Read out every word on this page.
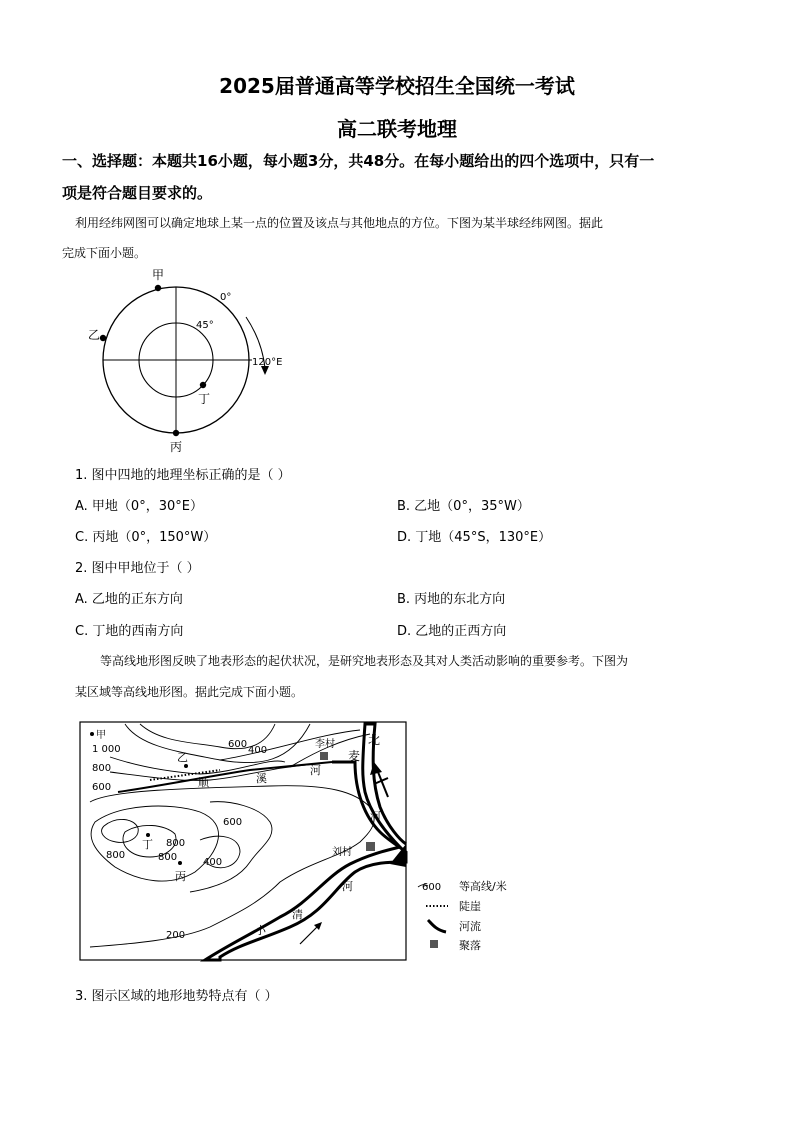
2025届普通高等学校招生全国统一考试
高二联考地理
一、选择题：本题共16小题，每小题3分，共48分。在每小题给出的四个选项中，只有一
项是符合题目要求的。
利用经纬网图可以确定地球上某一点的位置及该点与其他地点的方位。下图为某半球经纬网图。据此
完成下面小题。
甲
乙
丙
丁
0°
45°
120°E
1. 图中四地的地理坐标正确的是（ ）
A. 甲地（0°，30°E）	B. 乙地（0°，35°W）
C. 丙地（0°，150°W）	D. 丁地（45°S，130°E）
2. 图中甲地位于（ ）
A. 乙地的正东方向	B. 丙地的东北方向
C. 丁地的西南方向	D. 乙地的正西方向
等高线地形图反映了地表形态的起伏状况，是研究地表形态及其对人类活动影响的重要参考。下图为
某区域等高线地形图。据此完成下面小题。
甲
1 000
800
600
乙
600
400
李村
麦
北
河
顺	溪
河
600
丁 800
800	800	400
丙
刘村
河
清
小
200
600 等高线/米
陡崖
河流
聚落
3. 图示区域的地形地势特点有（ ）
